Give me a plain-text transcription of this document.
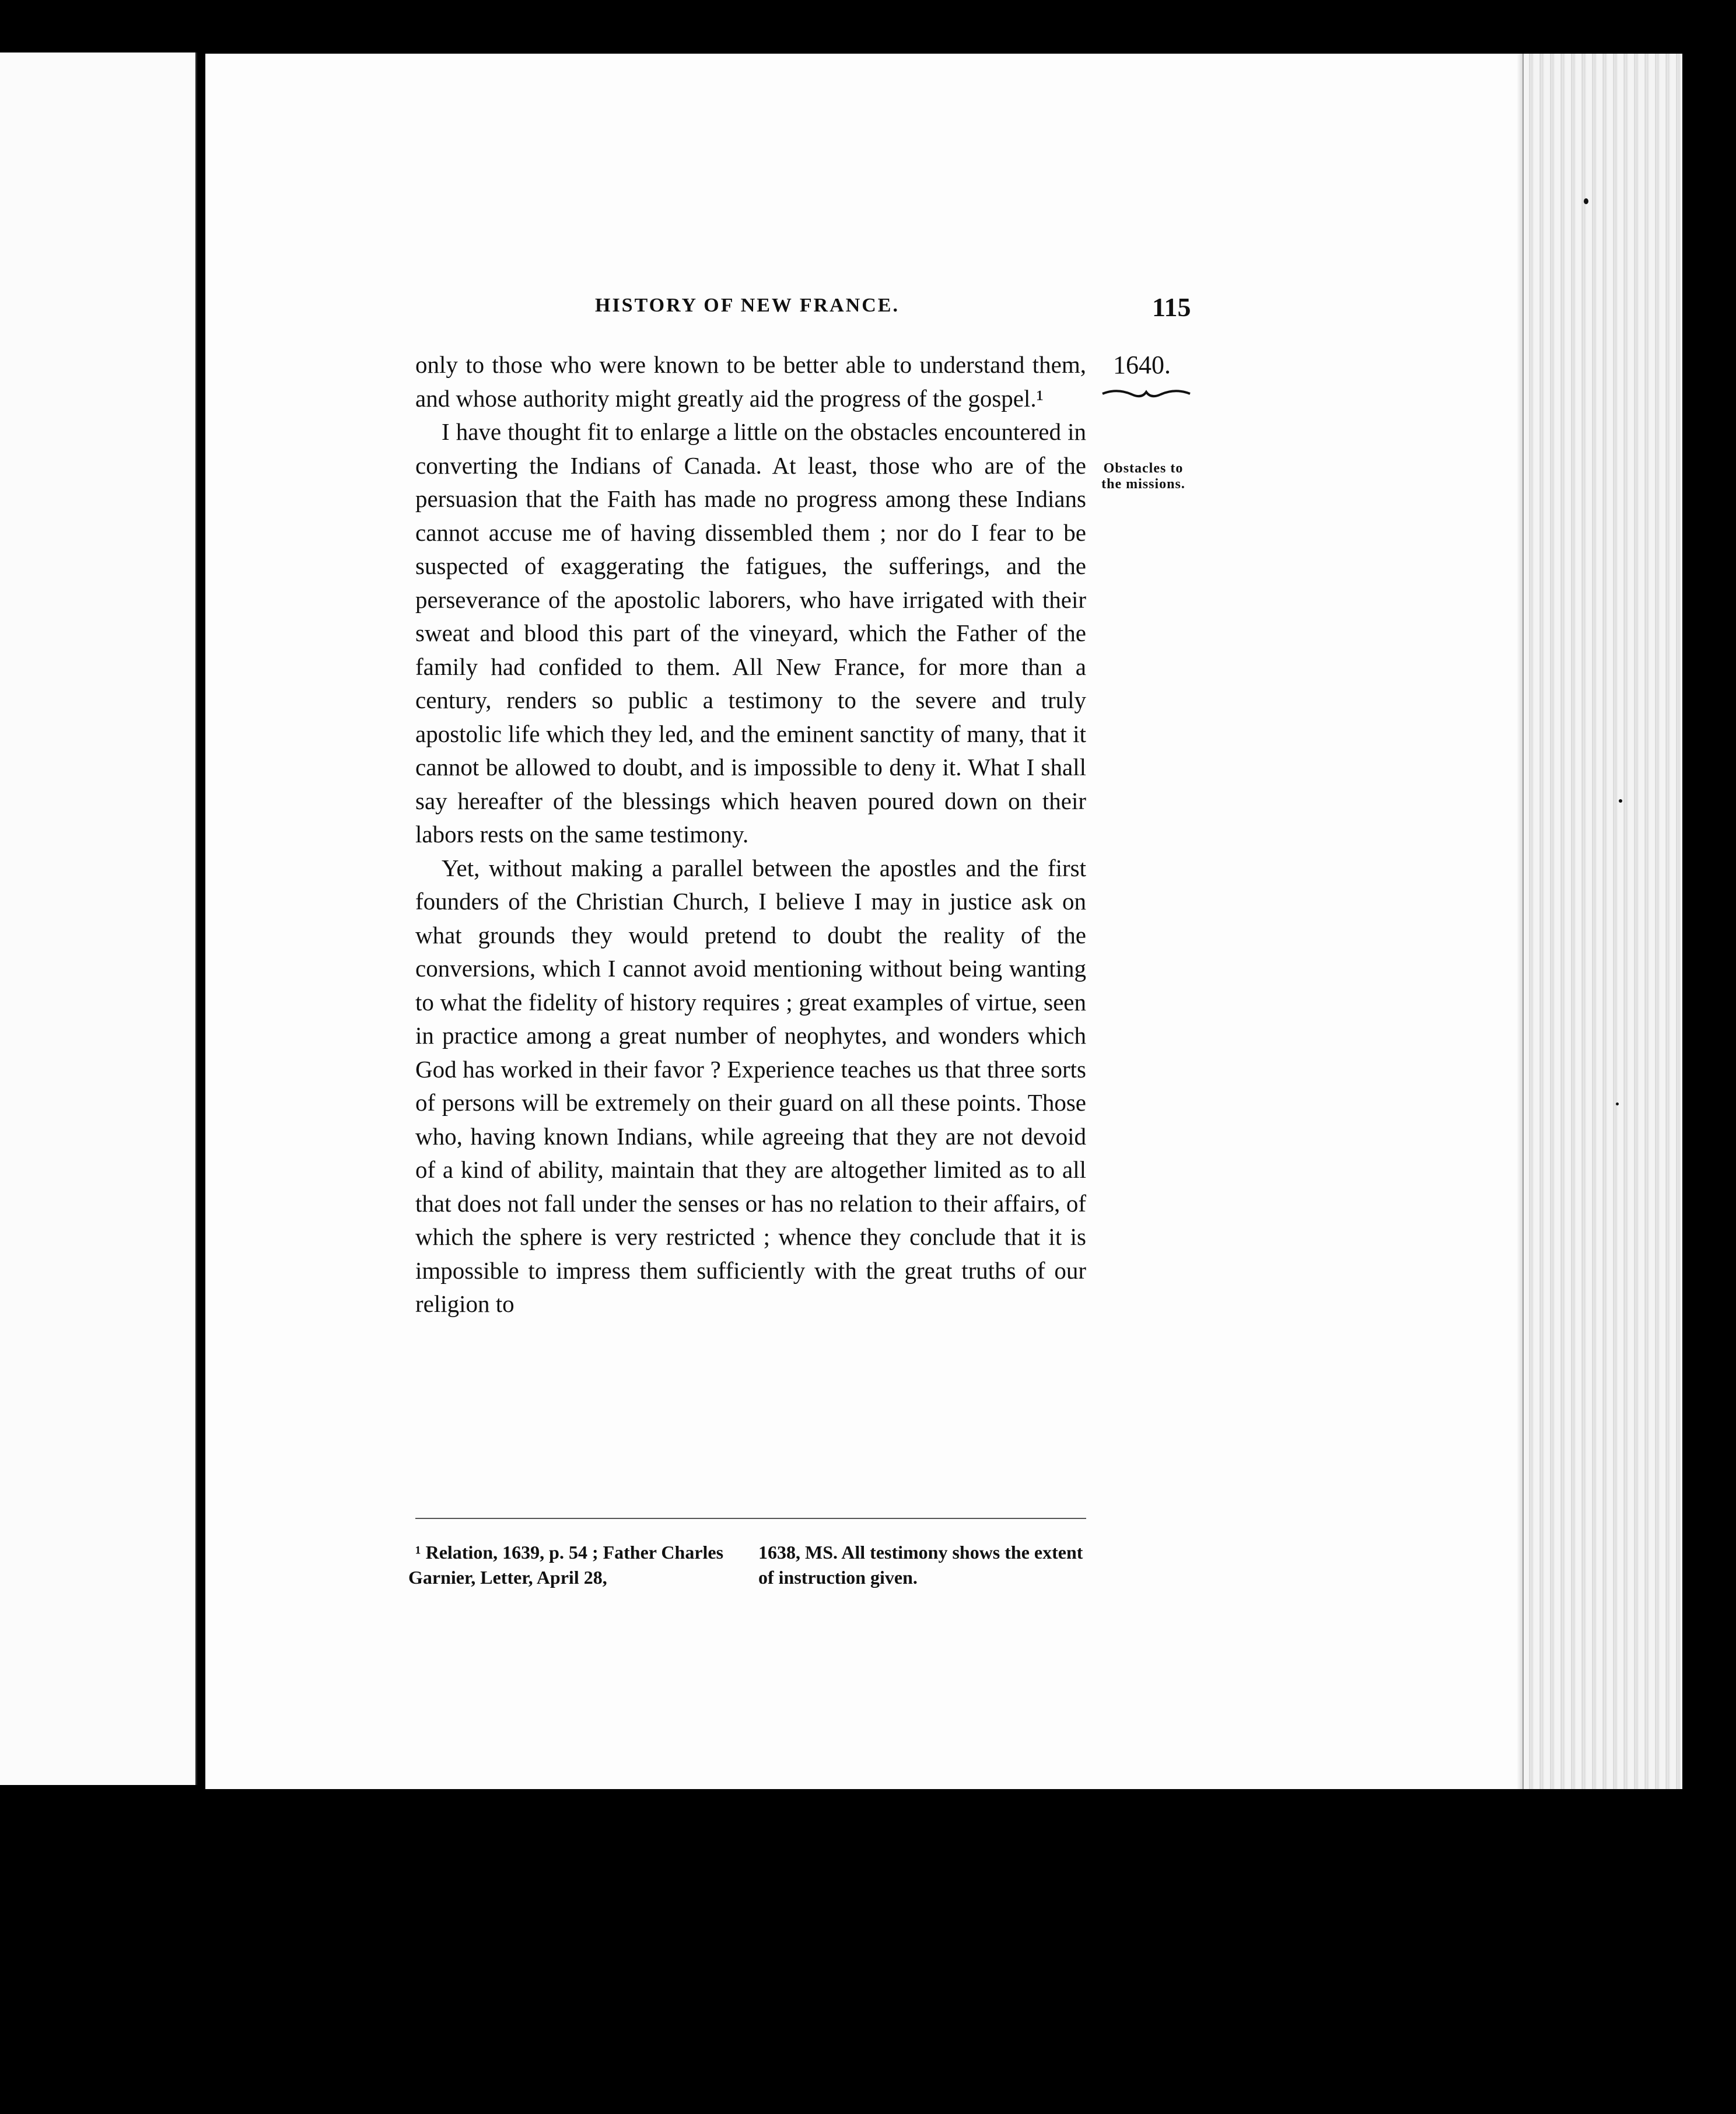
HISTORY OF NEW FRANCE.	115
1640.
Obstacles to the missions.

only to those who were known to be better able to understand them, and whose authority might greatly aid the progress of the gospel.¹

I have thought fit to enlarge a little on the obstacles encountered in converting the Indians of Canada. At least, those who are of the persuasion that the Faith has made no progress among these Indians cannot accuse me of having dissembled them ; nor do I fear to be suspected of exaggerating the fatigues, the sufferings, and the perseverance of the apostolic laborers, who have irrigated with their sweat and blood this part of the vineyard, which the Father of the family had confided to them. All New France, for more than a century, renders so public a testimony to the severe and truly apostolic life which they led, and the eminent sanctity of many, that it cannot be allowed to doubt, and is impossible to deny it. What I shall say hereafter of the blessings which heaven poured down on their labors rests on the same testimony.

Yet, without making a parallel between the apostles and the first founders of the Christian Church, I believe I may in justice ask on what grounds they would pretend to doubt the reality of the conversions, which I cannot avoid mentioning without being wanting to what the fidelity of history requires ; great examples of virtue, seen in practice among a great number of neophytes, and wonders which God has worked in their favor ? Experience teaches us that three sorts of persons will be extremely on their guard on all these points. Those who, having known Indians, while agreeing that they are not devoid of a kind of ability, maintain that they are altogether limited as to all that does not fall under the senses or has no relation to their affairs, of which the sphere is very restricted ; whence they conclude that it is impossible to impress them sufficiently with the great truths of our religion to

¹ Relation, 1639, p. 54 ; Father Charles Garnier, Letter, April 28,
1638, MS. All testimony shows the extent of instruction given.
